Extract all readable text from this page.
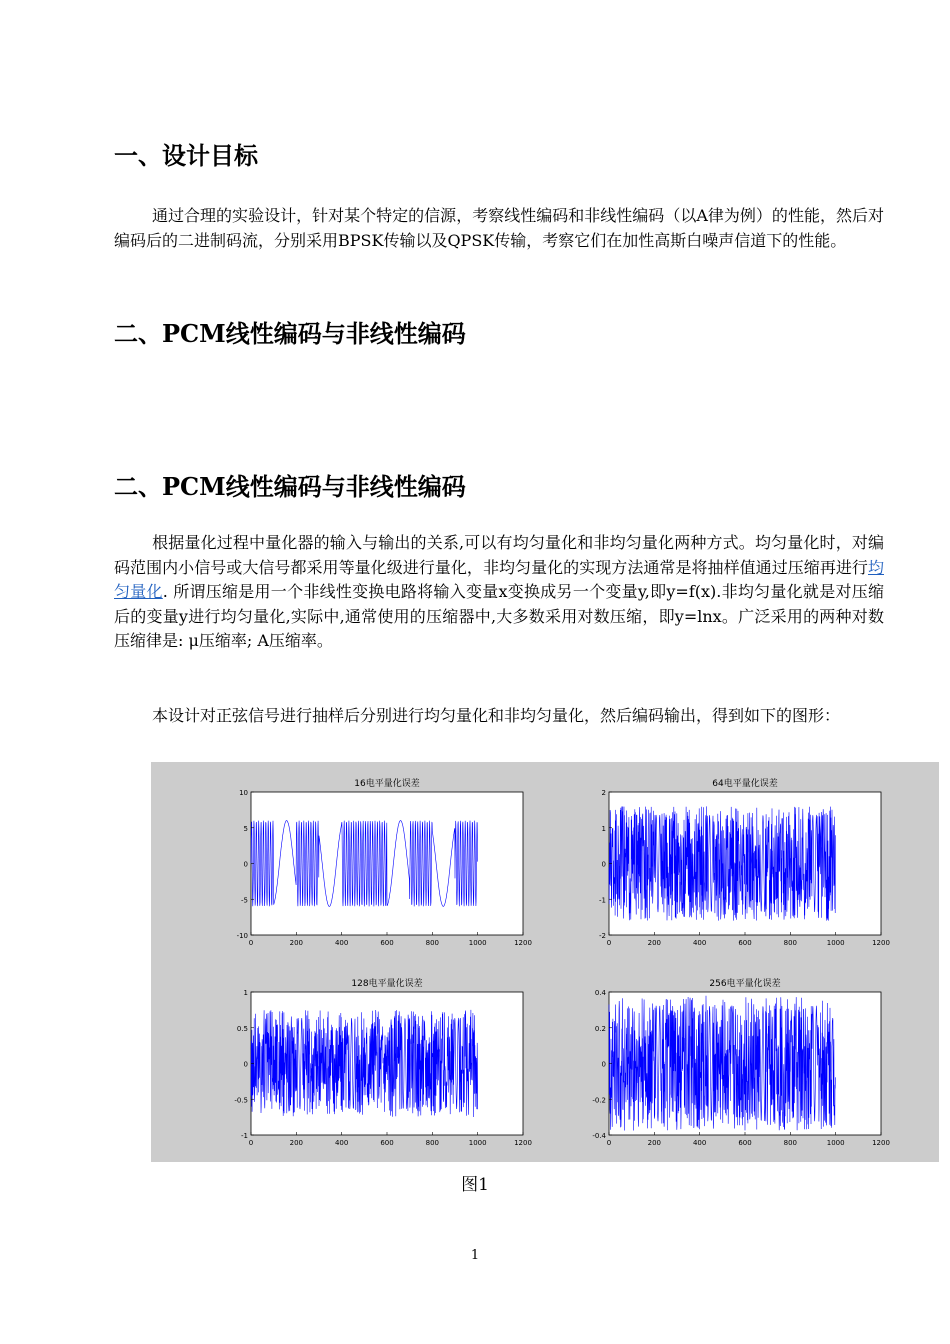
一、设计目标

通过合理的实验设计，针对某个特定的信源，考察线性编码和非线性编码（以A律为例）的性能，然后对编码后的二进制码流，分别采用BPSK传输以及QPSK传输，考察它们在加性高斯白噪声信道下的性能。

二、PCM线性编码与非线性编码
二、PCM线性编码与非线性编码

根据量化过程中量化器的输入与输出的关系,可以有均匀量化和非均匀量化两种方式。均匀量化时，对编码范围内小信号或大信号都采用等量化级进行量化，非均匀量化的实现方法通常是将抽样值通过压缩再进行均匀量化. 所谓压缩是用一个非线性变换电路将输入变量x变换成另一个变量y,即y=f(x).非均匀量化就是对压缩后的变量y进行均匀量化,实际中,通常使用的压缩器中,大多数采用对数压缩，即y=lnx。广泛采用的两种对数压缩律是: μ压缩率; A压缩率。

本设计对正弦信号进行抽样后分别进行均匀量化和非均匀量化，然后编码输出，得到如下的图形：

16电平量化误差
0	200	400	600	800	1000	1200
10
5
0
-5
-10
64电平量化误差
0	200	400	600	800	1000	1200
2
1
0
-1
-2
128电平量化误差
0	200	400	600	800	1000	1200
1
0.5
0
-0.5
-1
256电平量化误差
0	200	400	600	800	1000	1200
0.4
0.2
0
-0.2
-0.4
图1
1
